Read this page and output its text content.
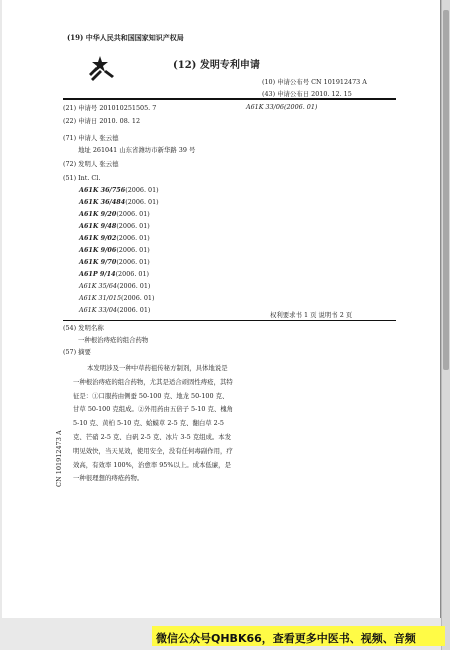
(19) 中华人民共和国国家知识产权局
(12) 发明专利申请
(10) 申请公布号 CN 101912473 A
(43) 申请公布日 2010. 12. 15
(21) 申请号 201010251505. 7	A61K 33/06(2006. 01)
(22) 申请日 2010. 08. 12
(71) 申请人 张云德
地址 261041 山东省潍坊市新华路 39 号
(72) 发明人 张云德
(51) Int. Cl.
A61K 36/756(2006. 01)
A61K 36/484(2006. 01)
A61K 9/20(2006. 01)
A61K 9/48(2006. 01)
A61K 9/02(2006. 01)
A61K 9/06(2006. 01)
A61K 9/70(2006. 01)
A61P 9/14(2006. 01)
A61K 35/64(2006. 01)
A61K 31/015(2006. 01)
A61K 33/04(2006. 01)
权利要求书 1 页 说明书 2 页
(54) 发明名称
一种根治痔疮的组合药物
(57) 摘要
本发明涉及一种中草药祖传秘方制剂，具体地说是一种根治痔疮的组合药物，尤其是适合顽固性痔疮，其特征是：①口服药由侧蚕 50-100 克、地龙 50-100 克、甘草 50-100 克组成。②外用药由五倍子 5-10 克、槐角 5-10 克、黄柏 5-10 克、蛤蟆草 2-5 克、翻白草 2-5 克、芒硝 2-5 克、白矾 2-5 克、冰片 3-5 克组成。本发明见效快，当天见效，使用安全，没有任何毒副作用，疗效高，有效率 100%，治愈率 95%以上。成本低廉，是一种很理想的痔疮药物。
CN 101912473 A
微信公众号QHBK66，查看更多中医书、视频、音频
